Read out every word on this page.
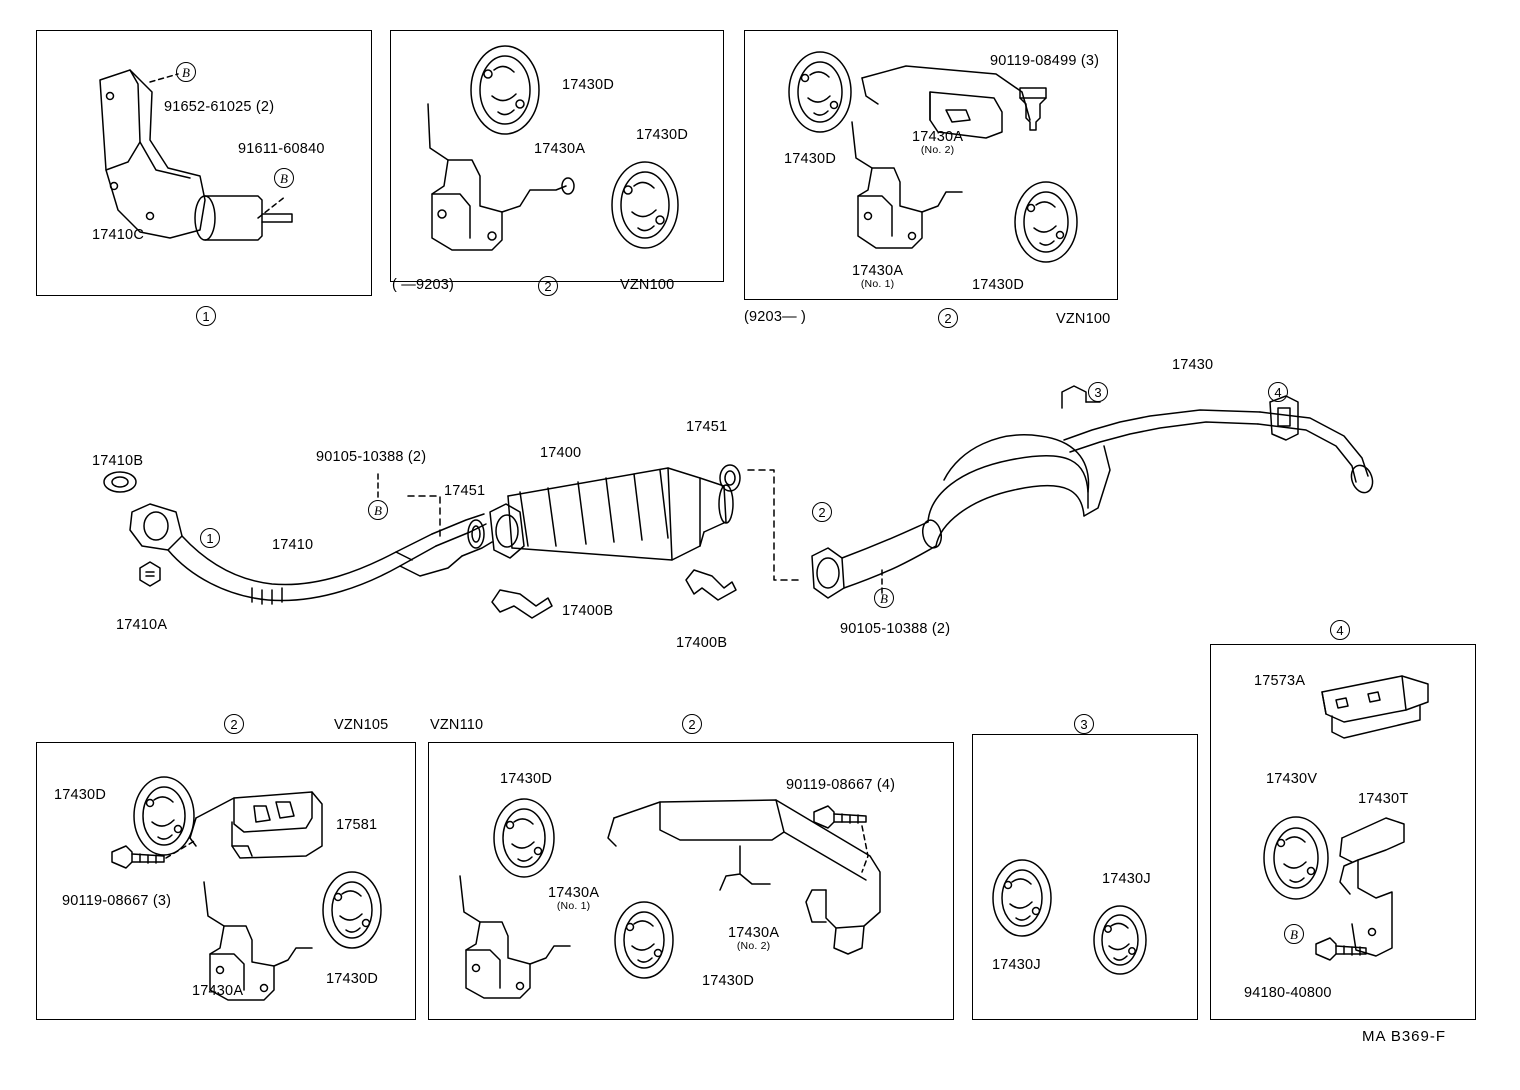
B
91652-61025 (2)
91611-60840
B
17410C
1
17430D
17430A
17430D
( —9203)	2	VZN100
90119-08499 (3)
17430A
(No. 2)
17430D
17430A
(No. 1)	17430D
(9203— )	2	VZN100
17410B
17410A
1	17410
90105-10388 (2)
B
17451
17400
17451
17400B
17400B
2
B
90105-10388 (2)
3
17430
4
2	VZN105
17430D
17581
90119-08667 (3)
17430A
17430D
VZN110	2
17430D	90119-08667 (4)
17430A
(No. 1)
17430A
(No. 2)
17430D
3
17430J
17430J
4
17573A
17430V
17430T
B
94180-40800
MA B369-F
